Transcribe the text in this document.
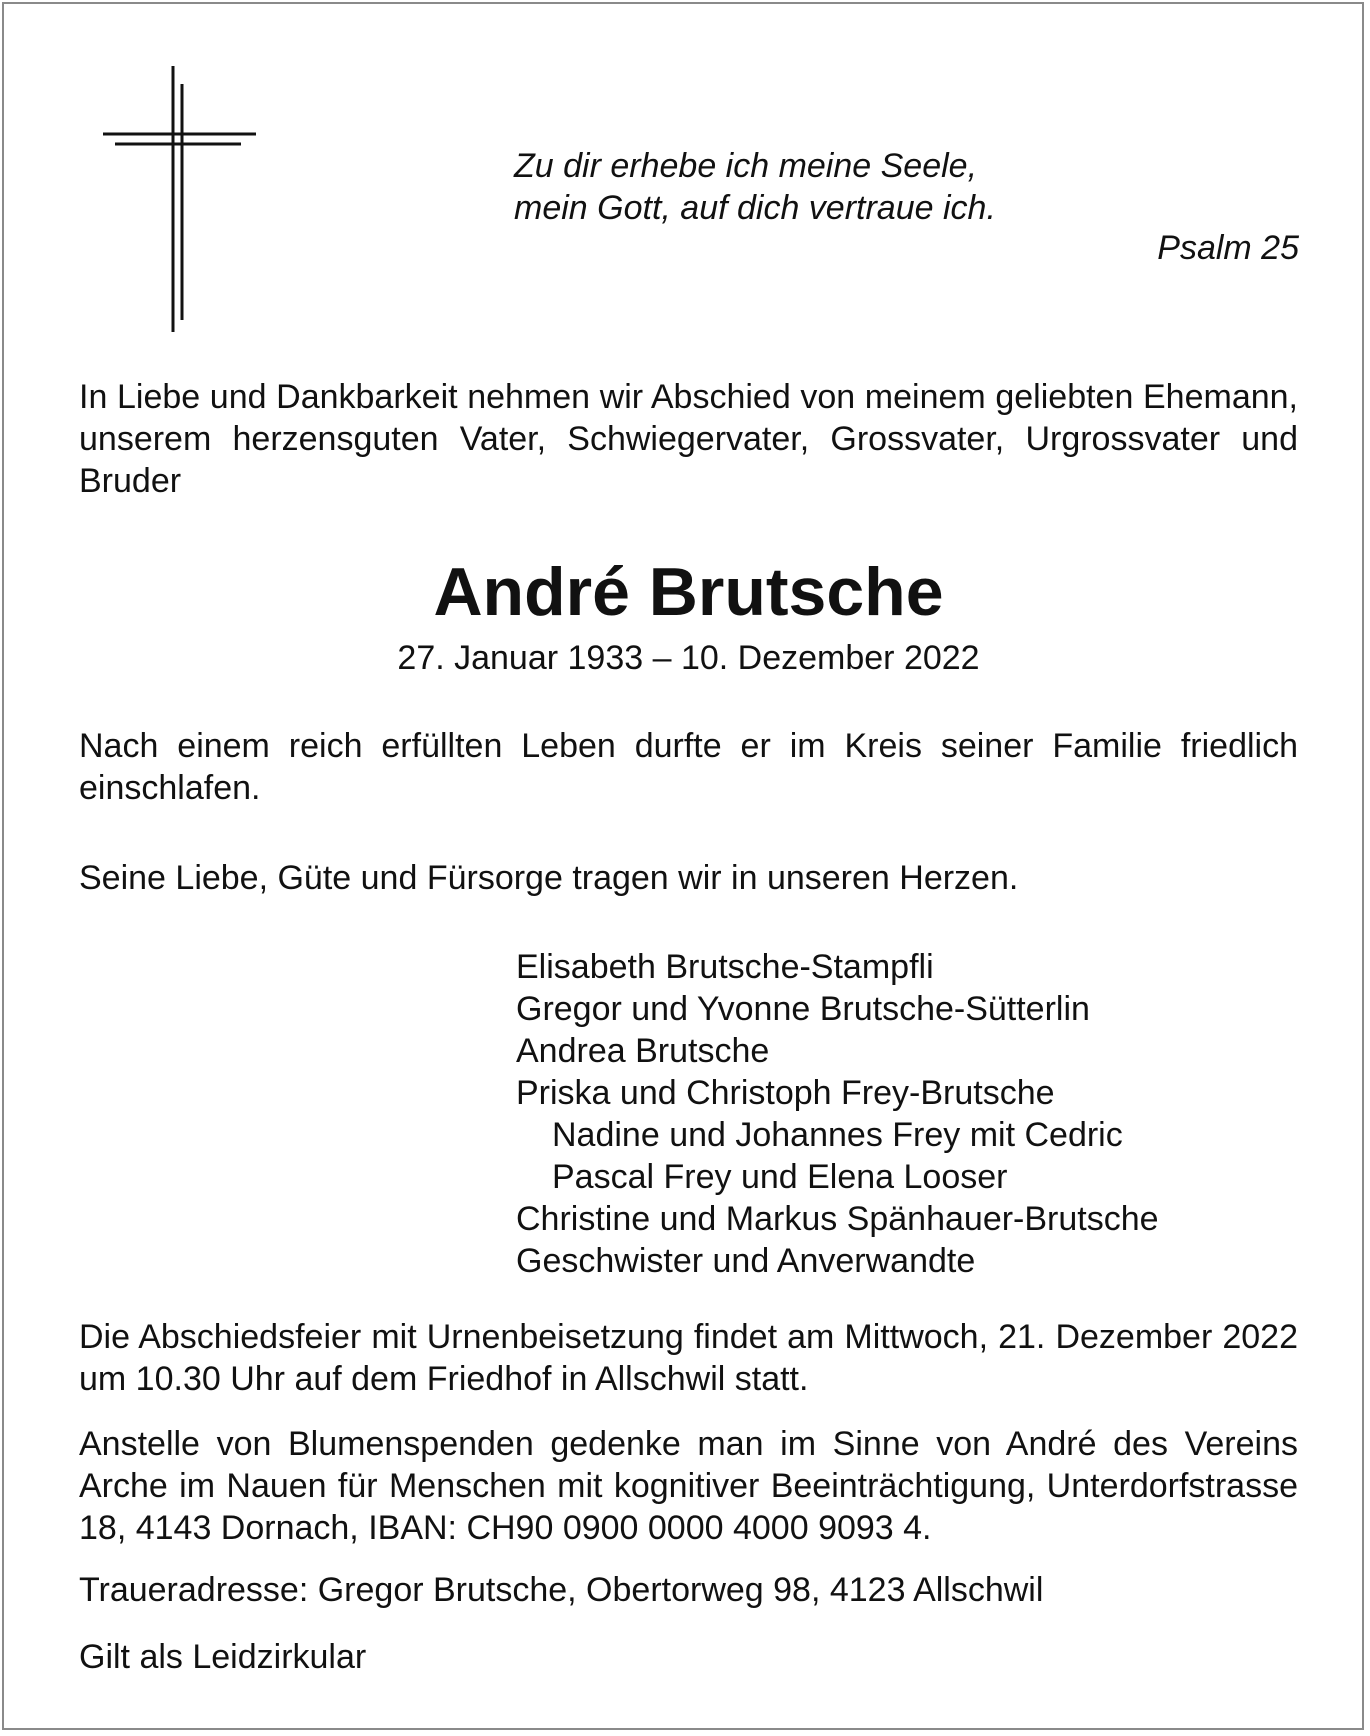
Zu dir erhebe ich meine Seele,
mein Gott, auf dich vertraue ich.
Psalm 25

In Liebe und Dankbarkeit nehmen wir Abschied von meinem geliebten Ehemann, unserem herzensguten Vater, Schwiegervater, Grossvater, Urgrossvater und Bruder

André Brutsche
27. Januar 1933 – 10. Dezember 2022

Nach einem reich erfüllten Leben durfte er im Kreis seiner Familie friedlich einschlafen.

Seine Liebe, Güte und Fürsorge tragen wir in unseren Herzen.

Elisabeth Brutsche-Stampfli
Gregor und Yvonne Brutsche-Sütterlin
Andrea Brutsche
Priska und Christoph Frey-Brutsche
Nadine und Johannes Frey mit Cedric
Pascal Frey und Elena Looser
Christine und Markus Spänhauer-Brutsche
Geschwister und Anverwandte

Die Abschiedsfeier mit Urnenbeisetzung findet am Mittwoch, 21. Dezember 2022 um 10.30 Uhr auf dem Friedhof in Allschwil statt.

Anstelle von Blumenspenden gedenke man im Sinne von André des Vereins Arche im Nauen für Menschen mit kognitiver Beeinträchtigung, Unterdorfstrasse 18, 4143 Dornach, IBAN: CH90 0900 0000 4000 9093 4.

Traueradresse: Gregor Brutsche, Obertorweg 98, 4123 Allschwil

Gilt als Leidzirkular
